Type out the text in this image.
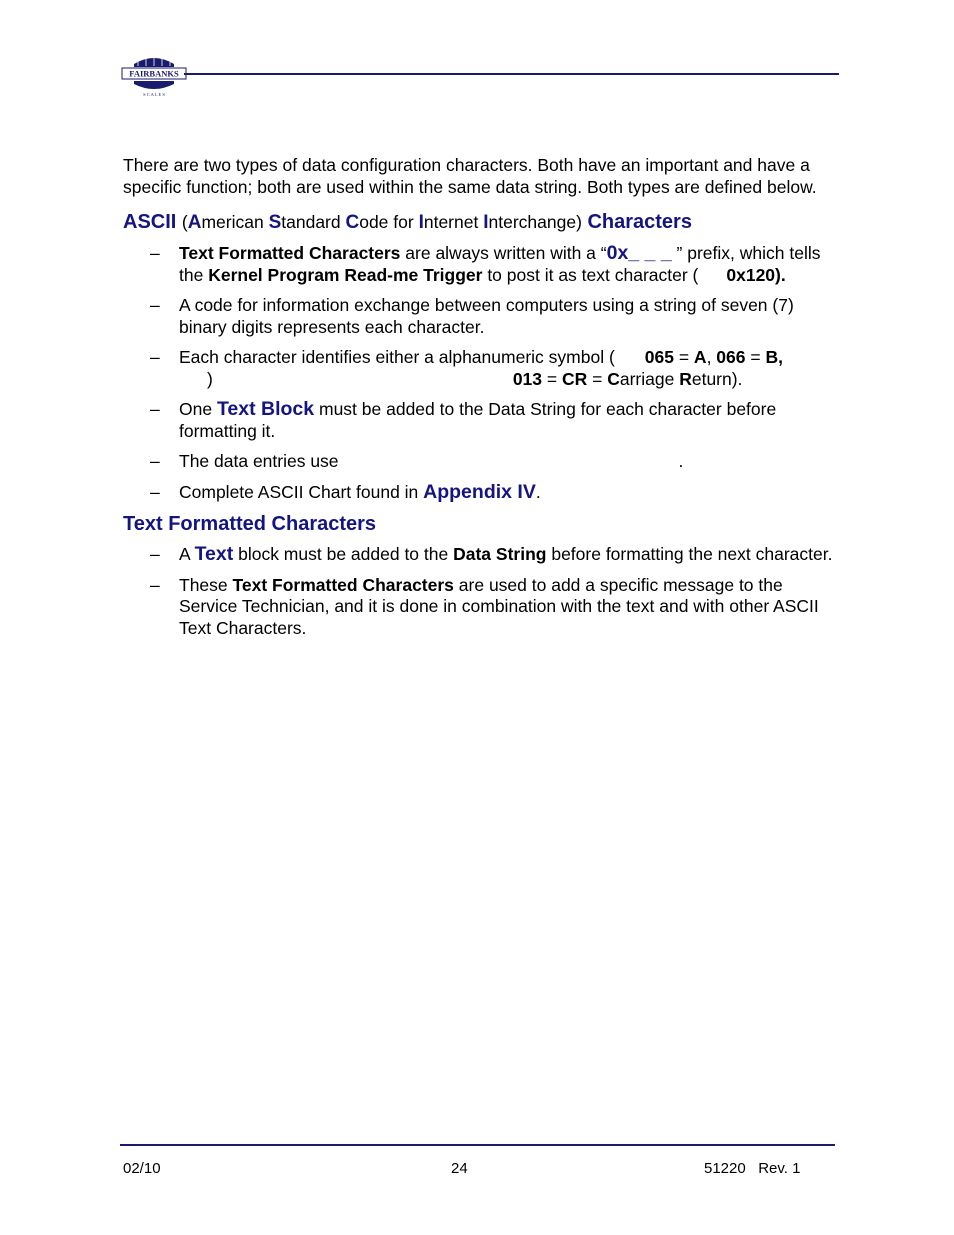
FAIRBANKS
S C A L E S

There are two types of data configuration characters. Both have an important and have a specific function; both are used within the same data string. Both types are defined below.

ASCII (American Standard Code for Internet Interchange) Characters
– Text Formatted Characters are always written with a “0x_ _ _ ” prefix, which tells the Kernel Program Read-me Trigger to post it as text character ( 0x120).
– A code for information exchange between computers using a string of seven (7) binary digits represents each character.
– Each character identifies either a alphanumeric symbol ( 065 = A, 066 = B,
)	013 = CR = Carriage Return).
– One Text Block must be added to the Data String for each character before formatting it.
– The data entries use	.
– Complete ASCII Chart found in Appendix IV.
Text Formatted Characters
– A Text block must be added to the Data String before formatting the next character.
– These Text Formatted Characters are used to add a specific message to the Service Technician, and it is done in combination with the text and with other ASCII Text Characters.
02/10	24	51220   Rev. 1
